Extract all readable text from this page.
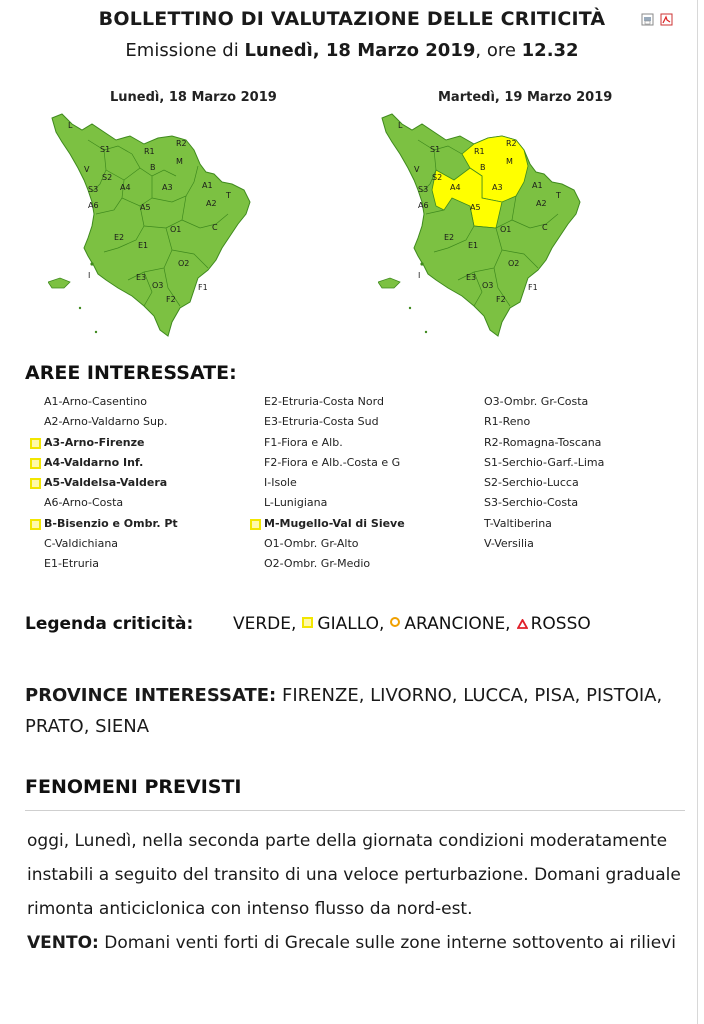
BOLLETTINO DI VALUTAZIONE DELLE CRITICITÀ
Emissione di Lunedì, 18 Marzo 2019, ore 12.32
Lunedì, 18 Marzo 2019	Martedì, 19 Marzo 2019
S1	R1
R2
M
L
B
A4	A3	A1
A6	A5	A2
E2
E1
O1	C
T
I	E3
O2
O3	F1
F2
V
S2
S3
S1	R1
R2
M
L
B
A4	A3	A1
A6	A5	A2
E2
E1
O1	C
T
I	E3
O2
O3	F1
F2
V
S2
S3
AREE INTERESSATE:
A1-Arno-Casentino
A2-Arno-Valdarno Sup.
A3-Arno-Firenze
A4-Valdarno Inf.
A5-Valdelsa-Valdera
A6-Arno-Costa
B-Bisenzio e Ombr. Pt
C-Valdichiana
E1-Etruria
E2-Etruria-Costa Nord
E3-Etruria-Costa Sud
F1-Fiora e Alb.
F2-Fiora e Alb.-Costa e G
I-Isole
L-Lunigiana
M-Mugello-Val di Sieve
O1-Ombr. Gr-Alto
O2-Ombr. Gr-Medio
O3-Ombr. Gr-Costa
R1-Reno
R2-Romagna-Toscana
S1-Serchio-Garf.-Lima
S2-Serchio-Lucca
S3-Serchio-Costa
T-Valtiberina
V-Versilia
Legenda criticità: VERDE, GIALLO, ARANCIONE, ROSSO
PROVINCE INTERESSATE: FIRENZE, LIVORNO, LUCCA, PISA, PISTOIA, PRATO, SIENA
FENOMENI PREVISTI
oggi, Lunedì, nella seconda parte della giornata condizioni moderatamente instabili a seguito del transito di una veloce perturbazione. Domani graduale rimonta anticiclonica con intenso flusso da nord-est.
VENTO: Domani venti forti di Grecale sulle zone interne sottovento ai rilievi
